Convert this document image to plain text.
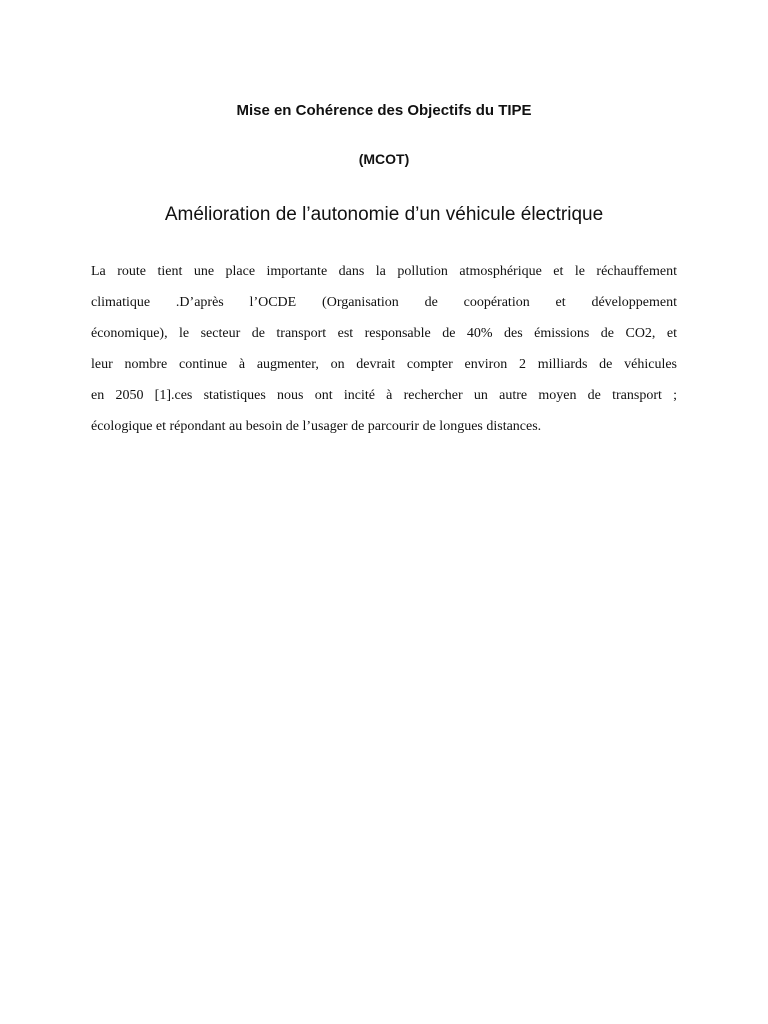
Mise en Cohérence des Objectifs du TIPE
(MCOT)
Amélioration de l’autonomie d’un véhicule électrique

La route tient une place importante dans la pollution atmosphérique et le réchauffement
climatique .D’après l’OCDE (Organisation de coopération et développement
économique), le secteur de transport est responsable de 40% des émissions de CO2, et
leur nombre continue à augmenter, on devrait compter environ 2 milliards de véhicules
en 2050 [1].ces statistiques nous ont incité à rechercher un autre moyen de transport ;
écologique et répondant au besoin de l’usager de parcourir de longues distances.
